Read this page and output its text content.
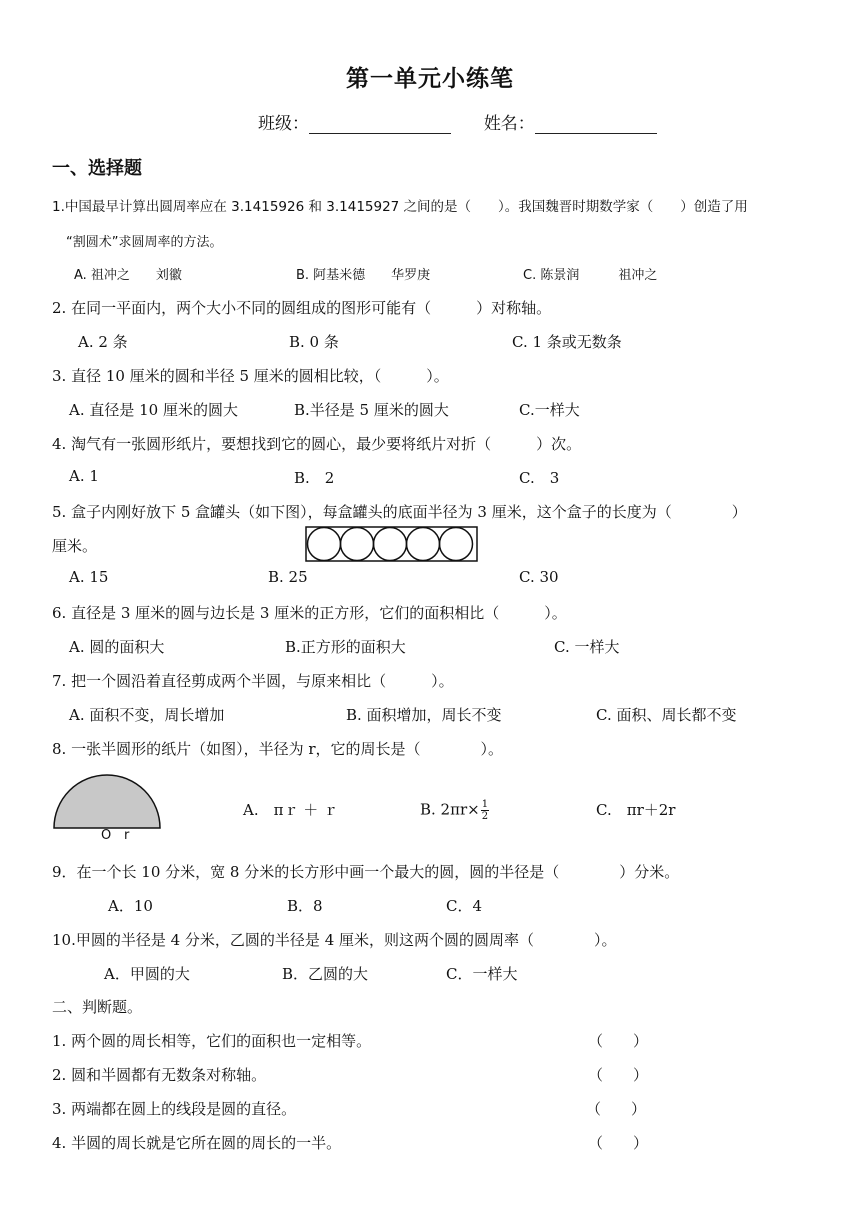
第一单元小练笔
班级：	姓名：
一、选择题
1.中国最早计算出圆周率应在 3.1415926 和 3.1415927 之间的是（　　）。我国魏晋时期数学家（　　）创造了用
“割圆术”求圆周率的方法。
A. 祖冲之　　刘徽	B. 阿基米德　　华罗庚	C. 陈景润　　　祖冲之
2. 在同一平面内，两个大小不同的圆组成的图形可能有（　　　）对称轴。
A. 2 条	B. 0 条	C. 1 条或无数条
3. 直径 10 厘米的圆和半径 5 厘米的圆相比较，（　　　）。
A. 直径是 10 厘米的圆大	B.半径是 5 厘米的圆大	C.一样大
4. 淘气有一张圆形纸片，要想找到它的圆心，最少要将纸片对折（　　　）次。
A. 1	B.　2	C.　3
5. 盒子内刚好放下 5 盒罐头（如下图），每盒罐头的底面半径为 3 厘米，这个盒子的长度为（　　　　）
厘米。
A. 15	B. 25	C. 30
6. 直径是 3 厘米的圆与边长是 3 厘米的正方形，它们的面积相比（　　　）。
A. 圆的面积大	B.正方形的面积大	C. 一样大
7. 把一个圆沿着直径剪成两个半圆，与原来相比（　　　）。
A. 面积不变，周长增加	B. 面积增加，周长不变	C. 面积、周长都不变
8. 一张半圆形的纸片（如图），半径为 r，它的周长是（　　　　）。
O r
A.　πｒ ＋ ｒ	B. $2\pi r\times \frac{1}{2}$	C.　πr＋2r
9．在一个长 10 分米，宽 8 分米的长方形中画一个最大的圆，圆的半径是（　　　　）分米。
A．10	B．8	C．4
10.甲圆的半径是 4 分米，乙圆的半径是 4 厘米，则这两个圆的圆周率（　　　　）。
A．甲圆的大	B．乙圆的大	C．一样大
二、判断题。
1. 两个圆的周长相等，它们的面积也一定相等。	（　　）
2. 圆和半圆都有无数条对称轴。	（　　）
3. 两端都在圆上的线段是圆的直径。	（　　）
4. 半圆的周长就是它所在圆的周长的一半。	（　　）
